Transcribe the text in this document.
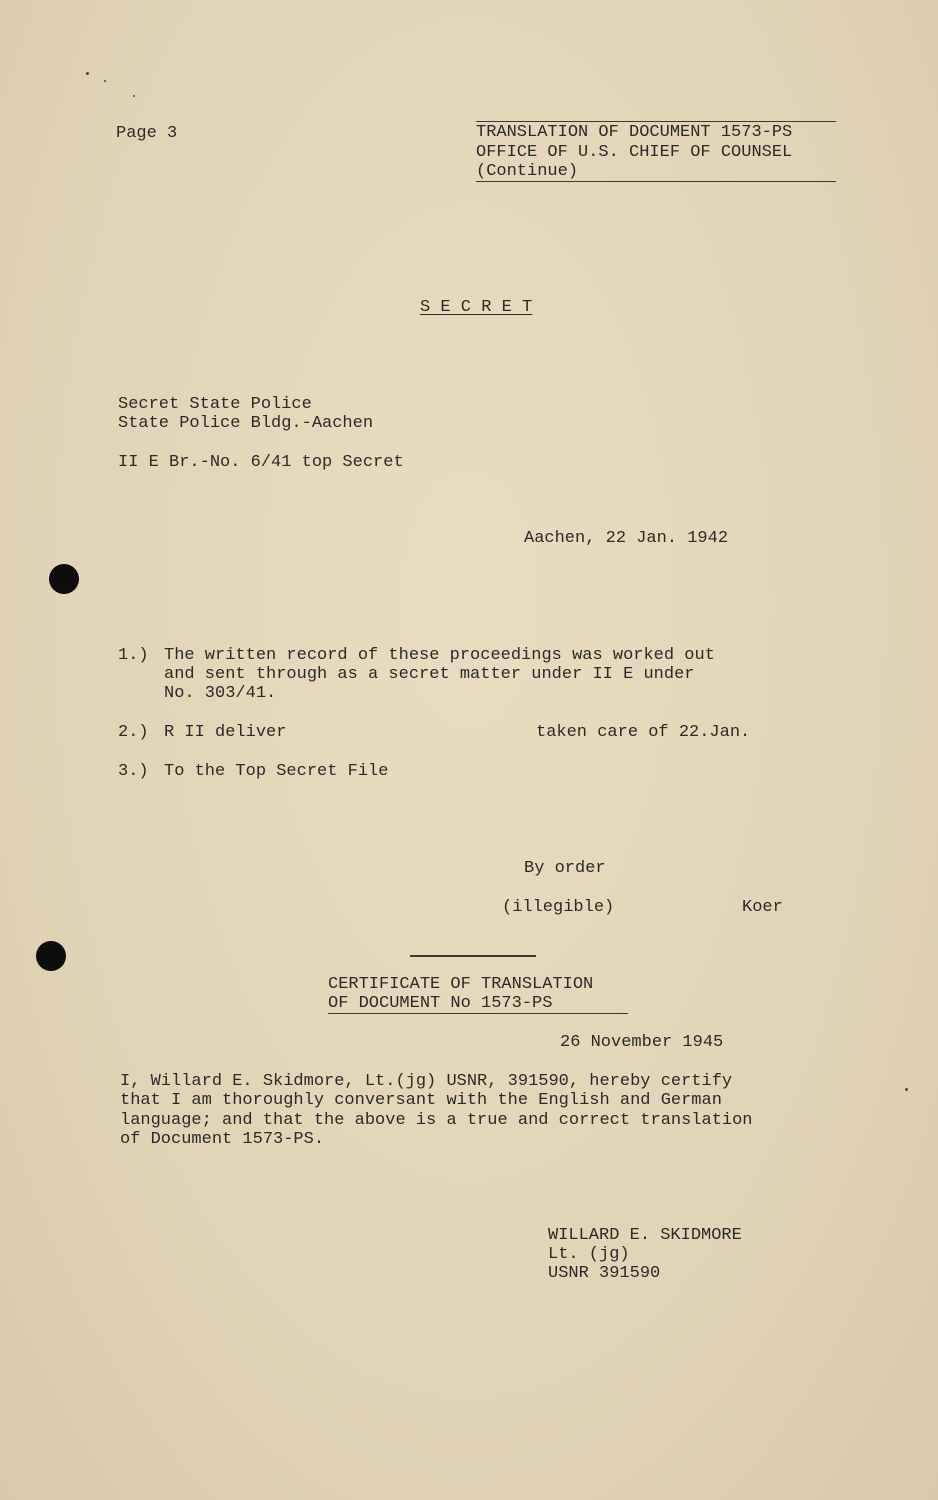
Page 3	TRANSLATION OF DOCUMENT 1573-PS
OFFICE OF U.S. CHIEF OF COUNSEL
(Continue)
S E C R E T
Secret State Police
State Police Bldg.-Aachen
II E Br.-No. 6/41 top Secret
Aachen, 22 Jan. 1942
1.) The written record of these proceedings was worked out
and sent through as a secret matter under II E under
No. 303/41.
2.) R II deliver	taken care of 22.Jan.
3.) To the Top Secret File
By order
(illegible)	Koer
CERTIFICATE OF TRANSLATION
OF DOCUMENT No 1573-PS
26 November 1945
I, Willard E. Skidmore, Lt.(jg) USNR, 391590, hereby certify
that I am thoroughly conversant with the English and German
language; and that the above is a true and correct translation
of Document 1573-PS.
WILLARD E. SKIDMORE
Lt. (jg)
USNR 391590
